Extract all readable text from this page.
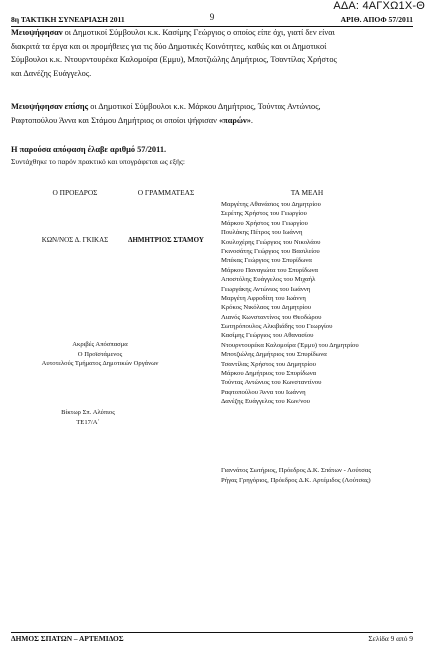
ΑΔΑ: 4ΑΓΧΩ1Χ-Θ
8η ΤΑΚΤΙΚΗ ΣΥΝΕΔΡΙΑΣΗ 2011	9	ΑΡΙΘ. ΑΠΟΦ 57/2011
Μειοψήφησαν οι Δημοτικοί Σύμβουλοι κ.κ. Κασίμης Γεώργιος ο οποίος είπε όχι, γιατί δεν είναι
διακριτά τα έργα και οι προμήθειες για τις δύο Δημοτικές Κοινότητες, καθώς και οι Δημοτικοί
Σύμβουλοι κ.κ. Ντουρντουρέκα Καλομοίρα (Εμμυ), Μποτζιώλης Δημήτριος, Τσαντίλας Χρήστος
και Δανέζης Ευάγγελος.
Μειοψήφησαν επίσης οι Δημοτικοί Σύμβουλοι κ.κ. Μάρκου Δημήτριος, Τούντας Αντώνιος,
Ραφτοπούλου Άννα και Στάμου Δημήτριος οι οποίοι ψήφισαν «παρών».
Η παρούσα απόφαση έλαβε αριθμό 57/2011.
Συντάχθηκε το παρόν πρακτικό και υπογράφεται ως εξής:
Ο ΠΡΟΕΔΡΟΣ	Ο ΓΡΑΜΜΑΤΕΑΣ	ΤΑ ΜΕΛΗ
ΚΩΝ/ΝΟΣ Δ. ΓΚΙΚΑΣ	ΔΗΜΗΤΡΙΟΣ ΣΤΑΜΟΥ
Ακριβές Απόσπασμα
Ο Προϊστάμενος
Αυτοτελούς Τμήματος Δημοτικών Οργάνων
Βίκτωρ Σπ. Αλύπιος
ΤΕ17/Α΄
Μαργέτης Αθανάσιος του Δημητρίου
Σερέτης Χρήστος του Γεωργίου
Μάρκου Χρήστος του Γεωργίου
Πουλάκης Πέτρος του Ιωάννη
Κουλοχέρης Γεώργιος του Νικολάου
Γκινοσάτης Γεώργιος του Βασιλείου
Μπέκας Γεώργιος του Σπυρίδωνα
Μάρκου Παναγιώτα του Σπυρίδωνα
Αποστόλης Ευάγγελος του Μιχαήλ
Γεωργάκης Αντώνιος του Ιωάννη
Μαργέτη Αφροδίτη του Ιωάννη
Κρόκος Νικόλαος του Δημητρίου
Λιανός Κωνσταντίνος του Θεοδώρου
Σωτηρόπουλος Αλκιβιάδης του Γεωργίου
Κασίμης Γεώργιος του Αθανασίου
Ντουρντουρέκα Καλομοίρα (Έμμυ) του Δημητρίου
Μποτζιώλης Δημήτριος του Σπυρίδωνα
Τσαντίλας Χρήστος του Δημητρίου
Μάρκου Δημήτριος του Σπυρίδωνα
Τούντας Αντώνιος του Κωνσταντίνου
Ραφτοπούλου Άννα του Ιωάννη
Δανέζης Ευάγγελος του Κων/νου
Γιαννάτος Σωτήριος, Πρόεδρος Δ.Κ. Σπάτων - Λούτσας
Ρήγας Γρηγόριος, Πρόεδρος Δ.Κ. Αρτέμιδος (Λούτσας)
ΔΗΜΟΣ ΣΠΑΤΩΝ – ΑΡΤΕΜΙΔΟΣ	Σελίδα 9 από 9
